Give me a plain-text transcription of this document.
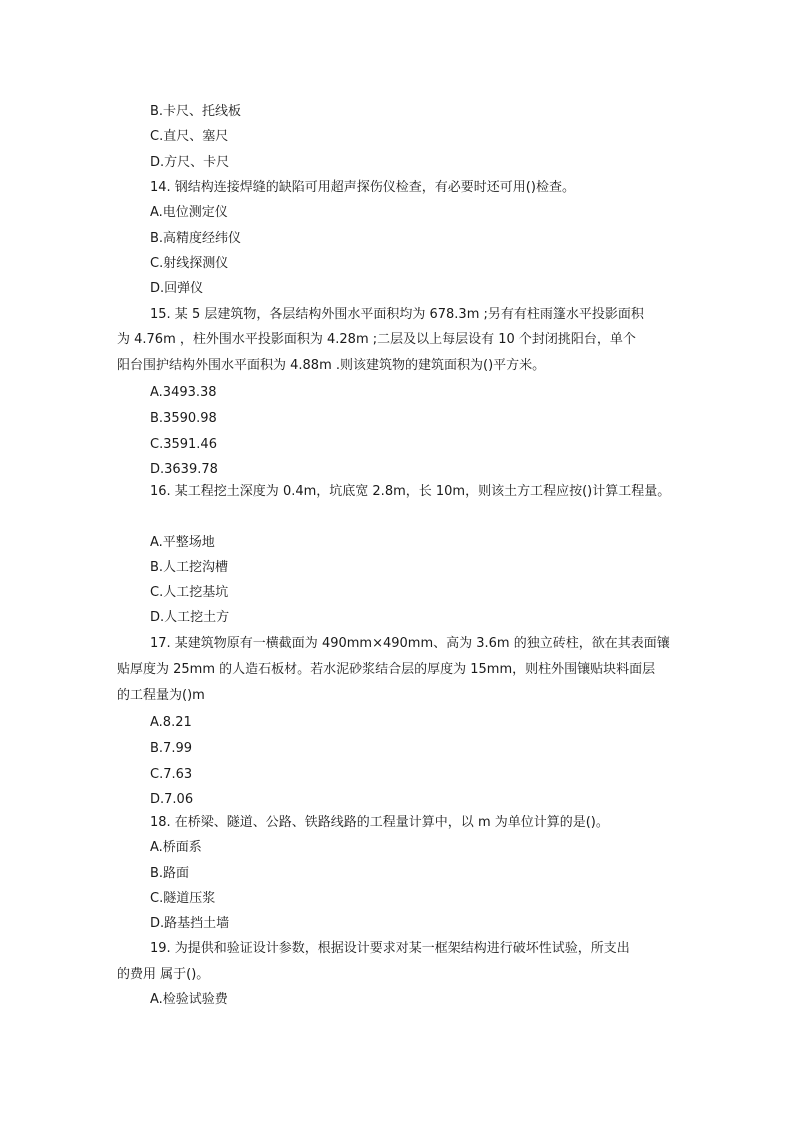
B.卡尺、托线板
C.直尺、塞尺
D.方尺、卡尺
14. 钢结构连接焊缝的缺陷可用超声探伤仪检查，有必要时还可用()检查。
A.电位测定仪
B.高精度经纬仪
C.射线探测仪
D.回弹仪
15. 某 5 层建筑物，各层结构外围水平面积均为 678.3m ;另有有柱雨篷水平投影面积
为 4.76m ，柱外围水平投影面积为 4.28m ;二层及以上每层设有 10 个封闭挑阳台，单个
阳台围护结构外围水平面积为 4.88m .则该建筑物的建筑面积为()平方米。
A.3493.38
B.3590.98
C.3591.46
D.3639.78
16. 某工程挖土深度为 0.4m，坑底宽 2.8m，长 10m，则该土方工程应按()计算工程量。
A.平整场地
B.人工挖沟槽
C.人工挖基坑
D.人工挖土方
17. 某建筑物原有一横截面为 490mm×490mm、高为 3.6m 的独立砖柱，欲在其表面镶
贴厚度为 25mm 的人造石板材。若水泥砂浆结合层的厚度为 15mm，则柱外围镶贴块料面层
的工程量为()m
A.8.21
B.7.99
C.7.63
D.7.06
18. 在桥梁、隧道、公路、铁路线路的工程量计算中，以 m 为单位计算的是()。
A.桥面系
B.路面
C.隧道压浆
D.路基挡土墙
19. 为提供和验证设计参数，根据设计要求对某一框架结构进行破坏性试验，所支出
的费用 属于()。
A.检验试验费
